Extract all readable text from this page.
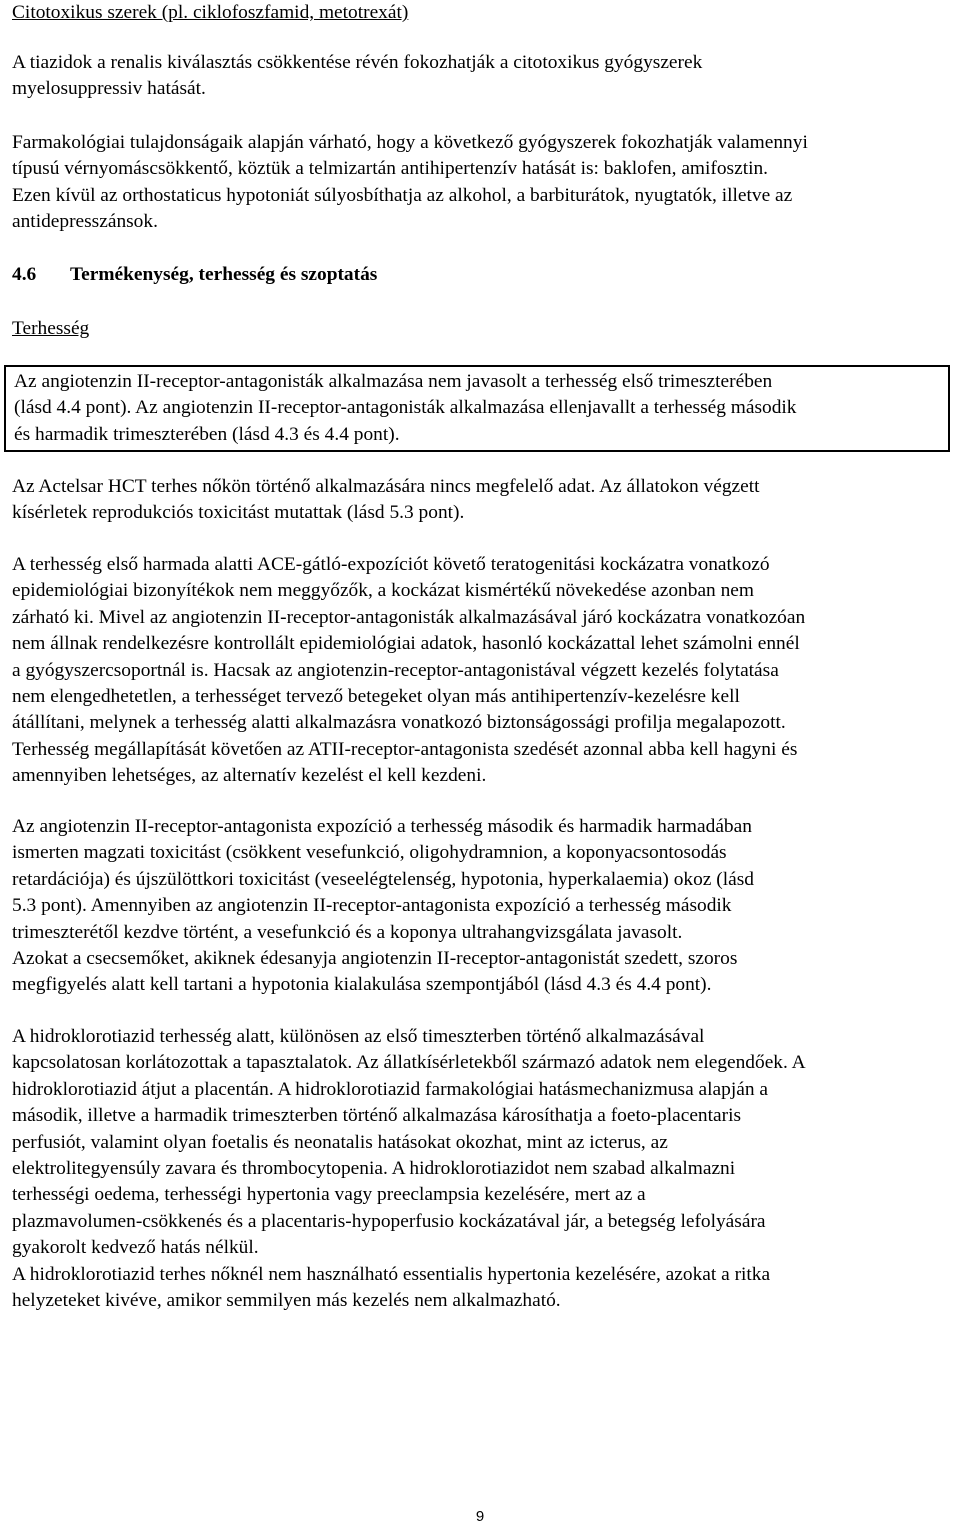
Citotoxikus szerek (pl. ciklofoszfamid, metotrexát)
A tiazidok a renalis kiválasztás csökkentése révén fokozhatják a citotoxikus gyógyszerek
myelosuppressiv hatását.
Farmakológiai tulajdonságaik alapján várható, hogy a következő gyógyszerek fokozhatják valamennyi
típusú vérnyomáscsökkentő, köztük a telmizartán antihipertenzív hatását is: baklofen, amifosztin.
Ezen kívül az orthostaticus hypotoniát súlyosbíthatja az alkohol, a barbiturátok, nyugtatók, illetve az
antidepresszánsok.
4.6 Termékenység, terhesség és szoptatás
Terhesség
Az angiotenzin II-receptor-antagonisták alkalmazása nem javasolt a terhesség első trimeszterében
(lásd 4.4 pont). Az angiotenzin II-receptor-antagonisták alkalmazása ellenjavallt a terhesség második
és harmadik trimeszterében (lásd 4.3 és 4.4 pont).
Az Actelsar HCT terhes nőkön történő alkalmazására nincs megfelelő adat. Az állatokon végzett
kísérletek reprodukciós toxicitást mutattak (lásd 5.3 pont).
A terhesség első harmada alatti ACE-gátló-expozíciót követő teratogenitási kockázatra vonatkozó
epidemiológiai bizonyítékok nem meggyőzők, a kockázat kismértékű növekedése azonban nem
zárható ki. Mivel az angiotenzin II-receptor-antagonisták alkalmazásával járó kockázatra vonatkozóan
nem állnak rendelkezésre kontrollált epidemiológiai adatok, hasonló kockázattal lehet számolni ennél
a gyógyszercsoportnál is. Hacsak az angiotenzin-receptor-antagonistával végzett kezelés folytatása
nem elengedhetetlen, a terhességet tervező betegeket olyan más antihipertenzív-kezelésre kell
átállítani, melynek a terhesség alatti alkalmazásra vonatkozó biztonságossági profilja megalapozott.
Terhesség megállapítását követően az ATII-receptor-antagonista szedését azonnal abba kell hagyni és
amennyiben lehetséges, az alternatív kezelést el kell kezdeni.
Az angiotenzin II-receptor-antagonista expozíció a terhesség második és harmadik harmadában
ismerten magzati toxicitást (csökkent vesefunkció, oligohydramnion, a koponyacsontosodás
retardációja) és újszülöttkori toxicitást (veseelégtelenség, hypotonia, hyperkalaemia) okoz (lásd
5.3 pont). Amennyiben az angiotenzin II-receptor-antagonista expozíció a terhesség második
trimeszterétől kezdve történt, a vesefunkció és a koponya ultrahangvizsgálata javasolt.
Azokat a csecsemőket, akiknek édesanyja angiotenzin II-receptor-antagonistát szedett, szoros
megfigyelés alatt kell tartani a hypotonia kialakulása szempontjából (lásd 4.3 és 4.4 pont).
A hidroklorotiazid terhesség alatt, különösen az első timeszterben történő alkalmazásával
kapcsolatosan korlátozottak a tapasztalatok. Az állatkísérletekből származó adatok nem elegendőek. A
hidroklorotiazid átjut a placentán. A hidroklorotiazid farmakológiai hatásmechanizmusa alapján a
második, illetve a harmadik trimeszterben történő alkalmazása károsíthatja a foeto-placentaris
perfusiót, valamint olyan foetalis és neonatalis hatásokat okozhat, mint az icterus, az
elektrolitegyensúly zavara és thrombocytopenia. A hidroklorotiazidot nem szabad alkalmazni
terhességi oedema, terhességi hypertonia vagy preeclampsia kezelésére, mert az a
plazmavolumen-csökkenés és a placentaris-hypoperfusio kockázatával jár, a betegség lefolyására
gyakorolt kedvező hatás nélkül.
A hidroklorotiazid terhes nőknél nem használható essentialis hypertonia kezelésére, azokat a ritka
helyzeteket kivéve, amikor semmilyen más kezelés nem alkalmazható.
9
